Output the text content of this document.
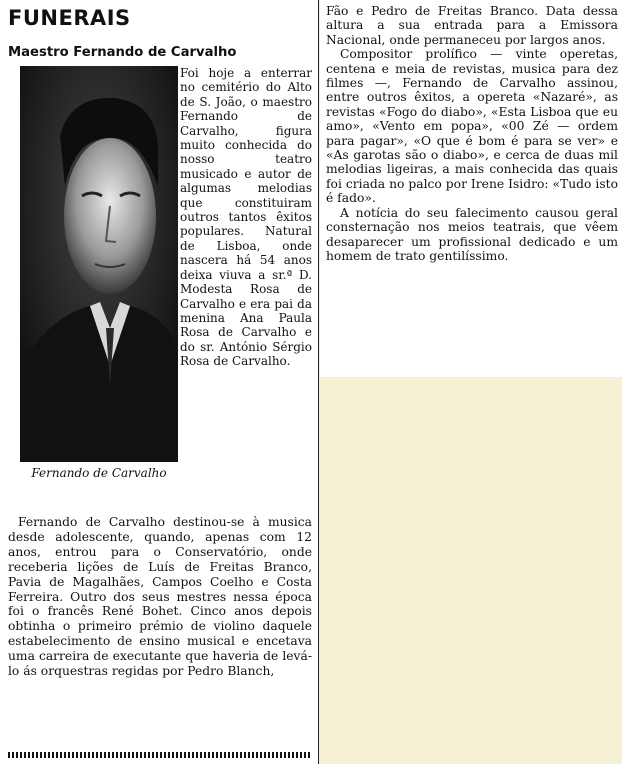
FUNERAIS
Maestro Fernando de Carvalho
Fernando de Carvalho
Foi hoje a enterrar no cemitério do Alto de S. João, o maestro Fernando de Carvalho, figura muito conhecida do nosso teatro musicado e autor de algumas melodias que constituiram outros tantos êxitos populares. Natural de Lisboa, onde nascera há 54 anos deixa viuva a sr.ª D. Modesta Rosa de Carvalho e era pai da menina Ana Paula Rosa de Carvalho e do sr. António Sérgio Rosa de Carvalho.

Fernando de Carvalho destinou-se à musica desde adolescente, quando, apenas com 12 anos, entrou para o Conservatório, onde receberia lições de Luís de Freitas Branco, Pavia de Magalhães, Campos Coelho e Costa Ferreira. Outro dos seus mestres nessa época foi o francês René Bohet. Cinco anos depois obtinha o primeiro prémio de violino daquele estabelecimento de ensino musical e encetava uma carreira de executante que haveria de levá-lo ás orquestras regidas por Pedro Blanch,

Fão e Pedro de Freitas Branco. Data dessa altura a sua entrada para a Emissora Nacional, onde permaneceu por largos anos.

Compositor prolífico — vinte operetas, centena e meia de revistas, musica para dez filmes —, Fernando de Carvalho assinou, entre outros êxitos, a opereta «Nazaré», as revistas «Fogo do diabo», «Esta Lisboa que eu amo», «Vento em popa», «00 Zé — ordem para pagar», «O que é bom é para se ver» e «As garotas são o diabo», e cerca de duas mil melodias ligeiras, a mais conhecida das quais foi criada no palco por Irene Isidro: «Tudo isto é fado».

A notícia do seu falecimento causou geral consternação nos meios teatrais, que vêem desaparecer um profissional dedicado e um homem de trato gentilíssimo.
